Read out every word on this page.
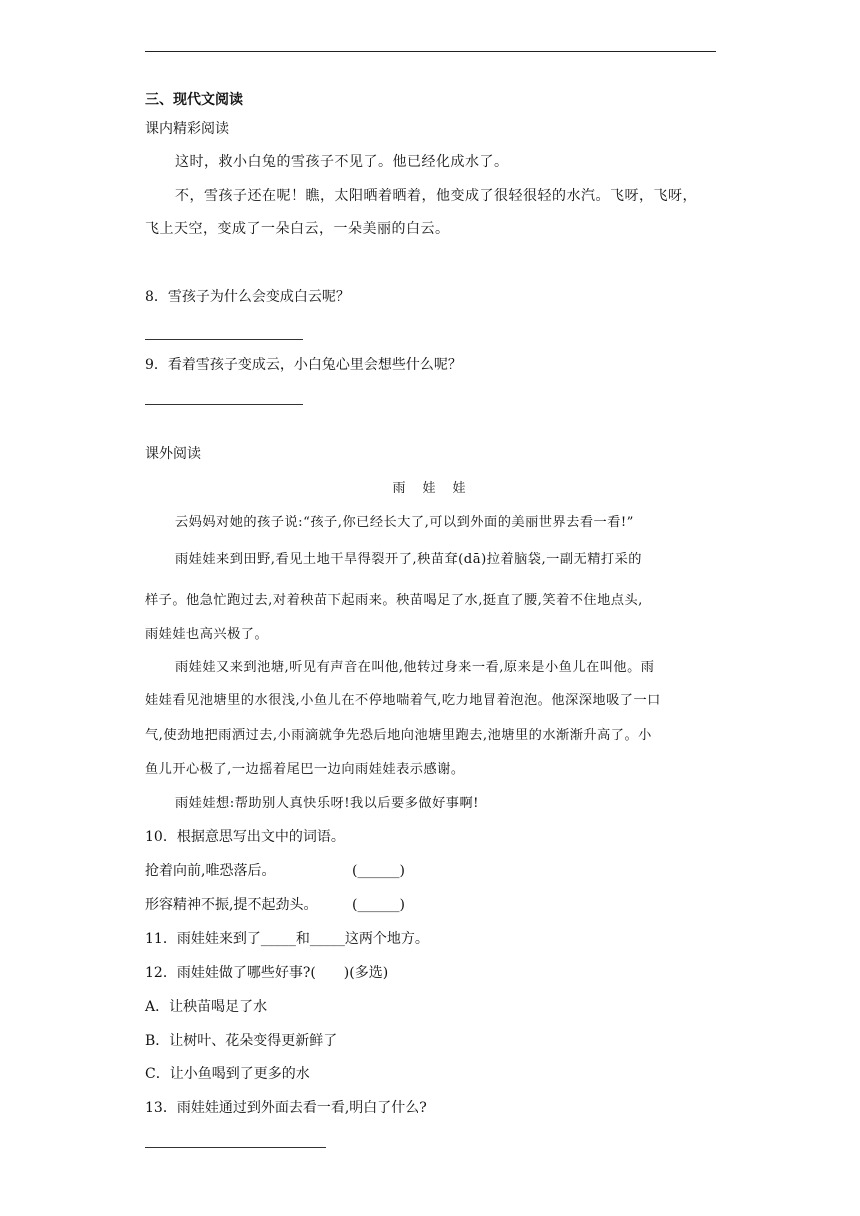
三、现代文阅读
课内精彩阅读
这时，救小白兔的雪孩子不见了。他已经化成水了。
不，雪孩子还在呢！瞧，太阳晒着晒着，他变成了很轻很轻的水汽。飞呀，飞呀，
飞上天空，变成了一朵白云，一朵美丽的白云。
8．雪孩子为什么会变成白云呢？
9．看着雪孩子变成云，小白兔心里会想些什么呢？
课外阅读
雨　娃　娃
云妈妈对她的孩子说:“孩子,你已经长大了,可以到外面的美丽世界去看一看!”
雨娃娃来到田野,看见土地干旱得裂开了,秧苗耷(dā)拉着脑袋,一副无精打采的
样子。他急忙跑过去,对着秧苗下起雨来。秧苗喝足了水,挺直了腰,笑着不住地点头,
雨娃娃也高兴极了。
雨娃娃又来到池塘,听见有声音在叫他,他转过身来一看,原来是小鱼儿在叫他。雨
娃娃看见池塘里的水很浅,小鱼儿在不停地喘着气,吃力地冒着泡泡。他深深地吸了一口
气,使劲地把雨洒过去,小雨滴就争先恐后地向池塘里跑去,池塘里的水渐渐升高了。小
鱼儿开心极了,一边摇着尾巴一边向雨娃娃表示感谢。
雨娃娃想:帮助别人真快乐呀!我以后要多做好事啊!
10．根据意思写出文中的词语。
抢着向前,唯恐落后。	(______)
形容精神不振,提不起劲头。 (______)
11．雨娃娃来到了_____和_____这两个地方。
12．雨娃娃做了哪些好事?(　　)(多选)
A．让秧苗喝足了水
B．让树叶、花朵变得更新鲜了
C．让小鱼喝到了更多的水
13．雨娃娃通过到外面去看一看,明白了什么?
